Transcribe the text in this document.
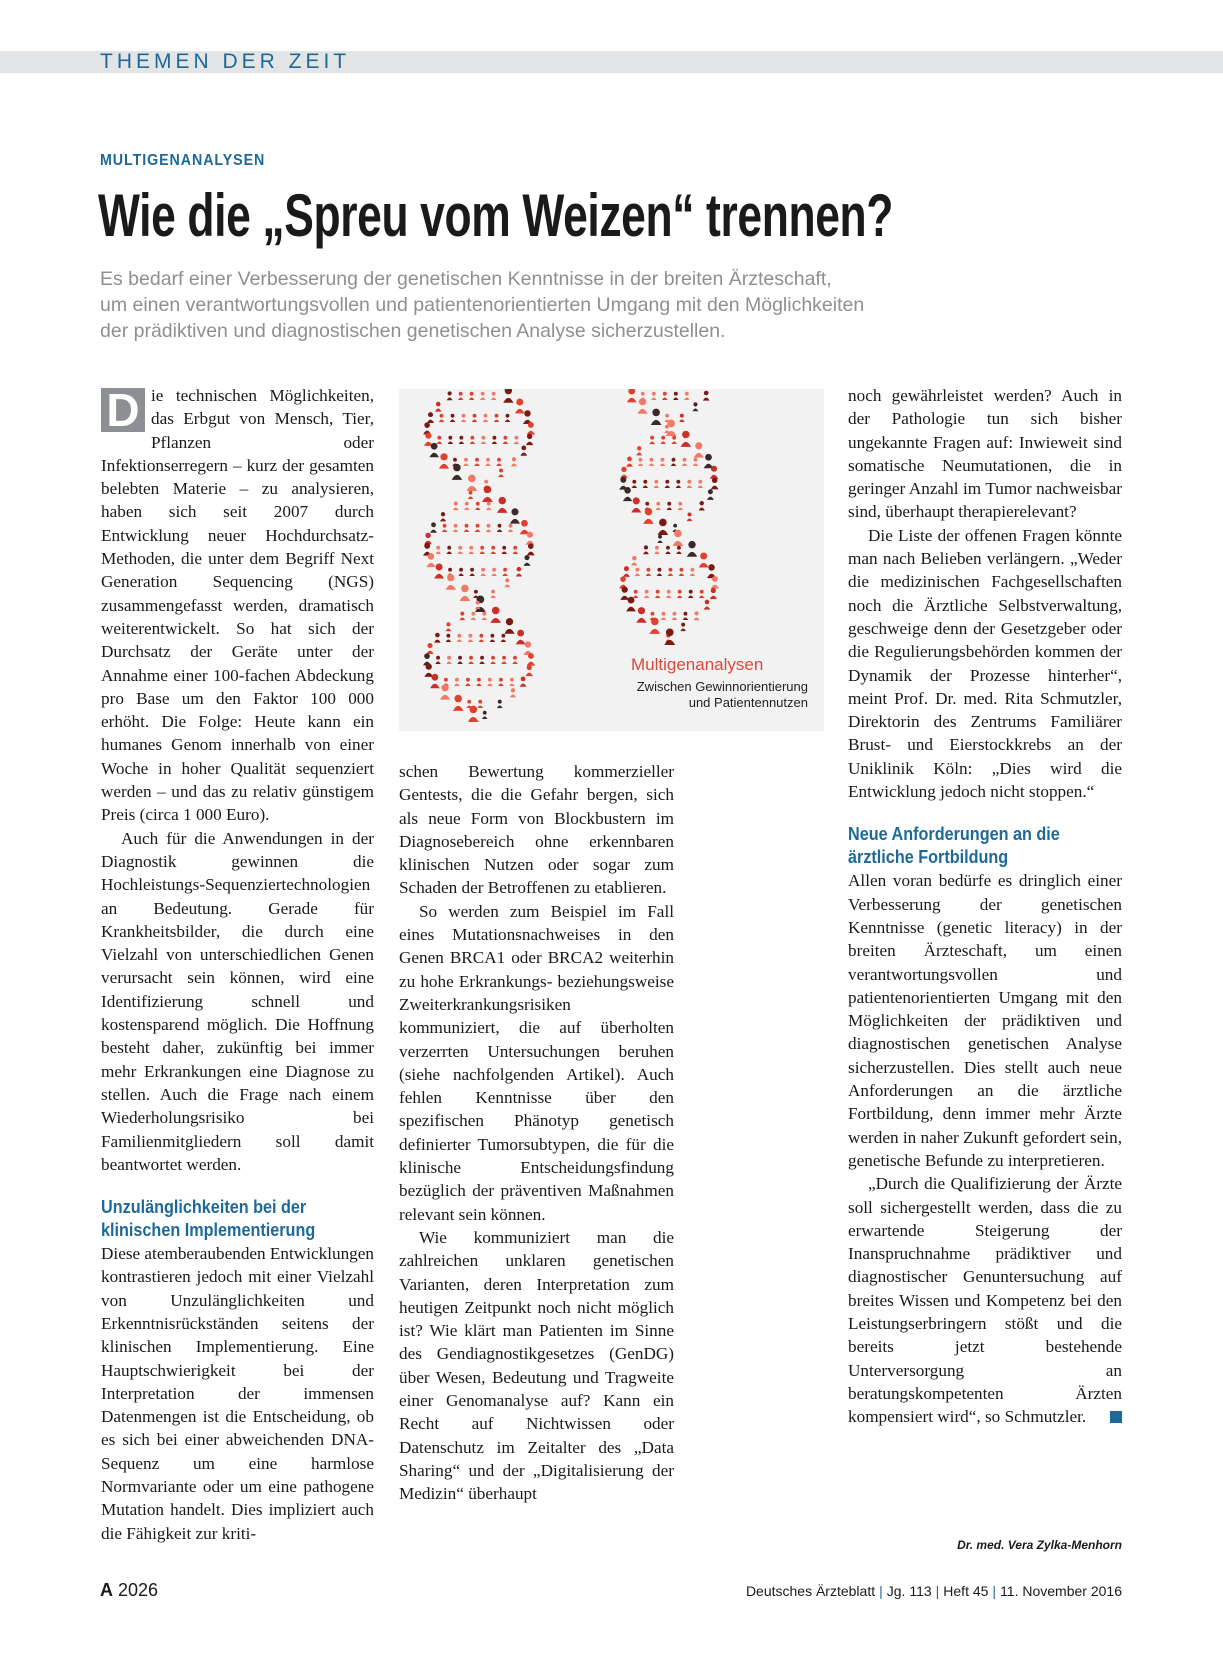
THEMEN DER ZEIT
MULTIGENANALYSEN
Wie die „Spreu vom Weizen“ trennen?
Es bedarf einer Verbesserung der genetischen Kenntnisse in der breiten Ärzteschaft,
um einen verantwortungsvollen und patientenorientierten Umgang mit den Möglichkeiten
der prädiktiven und diagnostischen genetischen Analyse sicherzustellen.

D ie technischen Möglichkeiten, das Erbgut von Mensch, Tier, Pflanzen oder Infektionserregern – kurz der gesamten belebten Materie – zu analysieren, haben sich seit 2007 durch Entwicklung neuer Hochdurchsatz-Methoden, die unter dem Begriff Next Generation Sequencing (NGS) zusammengefasst werden, dramatisch weiterentwickelt. So hat sich der Durchsatz der Geräte unter der Annahme einer 100-fachen Abdeckung pro Base um den Faktor 100 000 erhöht. Die Folge: Heute kann ein humanes Genom innerhalb von einer Woche in hoher Qualität sequenziert werden – und das zu relativ günstigem Preis (circa 1 000 Euro).

Auch für die Anwendungen in der Diagnostik gewinnen die Hochleistungs-Sequenziertechnologien an Bedeutung. Gerade für Krankheitsbilder, die durch eine Vielzahl von unterschiedlichen Genen verursacht sein können, wird eine Identifizierung schnell und kostensparend möglich. Die Hoffnung besteht daher, zukünftig bei immer mehr Erkrankungen eine Diagnose zu stellen. Auch die Frage nach einem Wiederholungsrisiko bei Familienmitgliedern soll damit beantwortet werden.

Unzulänglichkeiten bei der
klinischen Implementierung

Diese atemberaubenden Entwicklungen kontrastieren jedoch mit einer Vielzahl von Unzulänglichkeiten und Erkenntnisrückständen seitens der klinischen Implementierung. Eine Hauptschwierigkeit bei der Interpretation der immensen Datenmengen ist die Entscheidung, ob es sich bei einer abweichenden DNA-Sequenz um eine harmlose Normvariante oder um eine pathogene Mutation handelt. Dies impliziert auch die Fähigkeit zur kriti-

Multigenanalysen
Zwischen Gewinnorientierung
und Patientennutzen

schen Bewertung kommerzieller Gentests, die die Gefahr bergen, sich als neue Form von Blockbustern im Diagnosebereich ohne erkennbaren klinischen Nutzen oder sogar zum Schaden der Betroffenen zu etablieren.

So werden zum Beispiel im Fall eines Mutationsnachweises in den Genen BRCA1 oder BRCA2 weiterhin zu hohe Erkrankungs- beziehungsweise Zweiterkrankungsrisiken kommuniziert, die auf überholten verzerrten Untersuchungen beruhen (siehe nachfolgenden Artikel). Auch fehlen Kenntnisse über den spezifischen Phänotyp genetisch definierter Tumorsubtypen, die für die klinische Entscheidungsfindung bezüglich der präventiven Maßnahmen relevant sein können.

Wie kommuniziert man die zahlreichen unklaren genetischen Varianten, deren Interpretation zum heutigen Zeitpunkt noch nicht möglich ist? Wie klärt man Patienten im Sinne des Gendiagnostikgesetzes (GenDG) über Wesen, Bedeutung und Tragweite einer Genomanalyse auf? Kann ein Recht auf Nichtwissen oder Datenschutz im Zeitalter des „Data Sharing“ und der „Digitalisierung der Medizin“ überhaupt

noch gewährleistet werden? Auch in der Pathologie tun sich bisher ungekannte Fragen auf: Inwieweit sind somatische Neumutationen, die in geringer Anzahl im Tumor nachweisbar sind, überhaupt therapierelevant?

Die Liste der offenen Fragen könnte man nach Belieben verlängern. „Weder die medizinischen Fachgesellschaften noch die Ärztliche Selbstverwaltung, geschweige denn der Gesetzgeber oder die Regulierungsbehörden kommen der Dynamik der Prozesse hinterher“, meint Prof. Dr. med. Rita Schmutzler, Direktorin des Zentrums Familiärer Brust- und Eierstockkrebs an der Uniklinik Köln: „Dies wird die Entwicklung jedoch nicht stoppen.“

Neue Anforderungen an die
ärztliche Fortbildung

Allen voran bedürfe es dringlich einer Verbesserung der genetischen Kenntnisse (genetic literacy) in der breiten Ärzteschaft, um einen verantwortungsvollen und patientenorientierten Umgang mit den Möglichkeiten der prädiktiven und diagnostischen genetischen Analyse sicherzustellen. Dies stellt auch neue Anforderungen an die ärztliche Fortbildung, denn immer mehr Ärzte werden in naher Zukunft gefordert sein, genetische Befunde zu interpretieren.

„Durch die Qualifizierung der Ärzte soll sichergestellt werden, dass die zu erwartende Steigerung der Inanspruchnahme prädiktiver und diagnostischer Genuntersuchung auf breites Wissen und Kompetenz bei den Leistungserbringern stößt und die bereits jetzt bestehende Unterversorgung an beratungskompetenten Ärzten kompensiert wird“, so Schmutzler.

Dr. med. Vera Zylka-Menhorn
A 2026	Deutsches Ärzteblatt | Jg. 113 | Heft 45 | 11. November 2016
